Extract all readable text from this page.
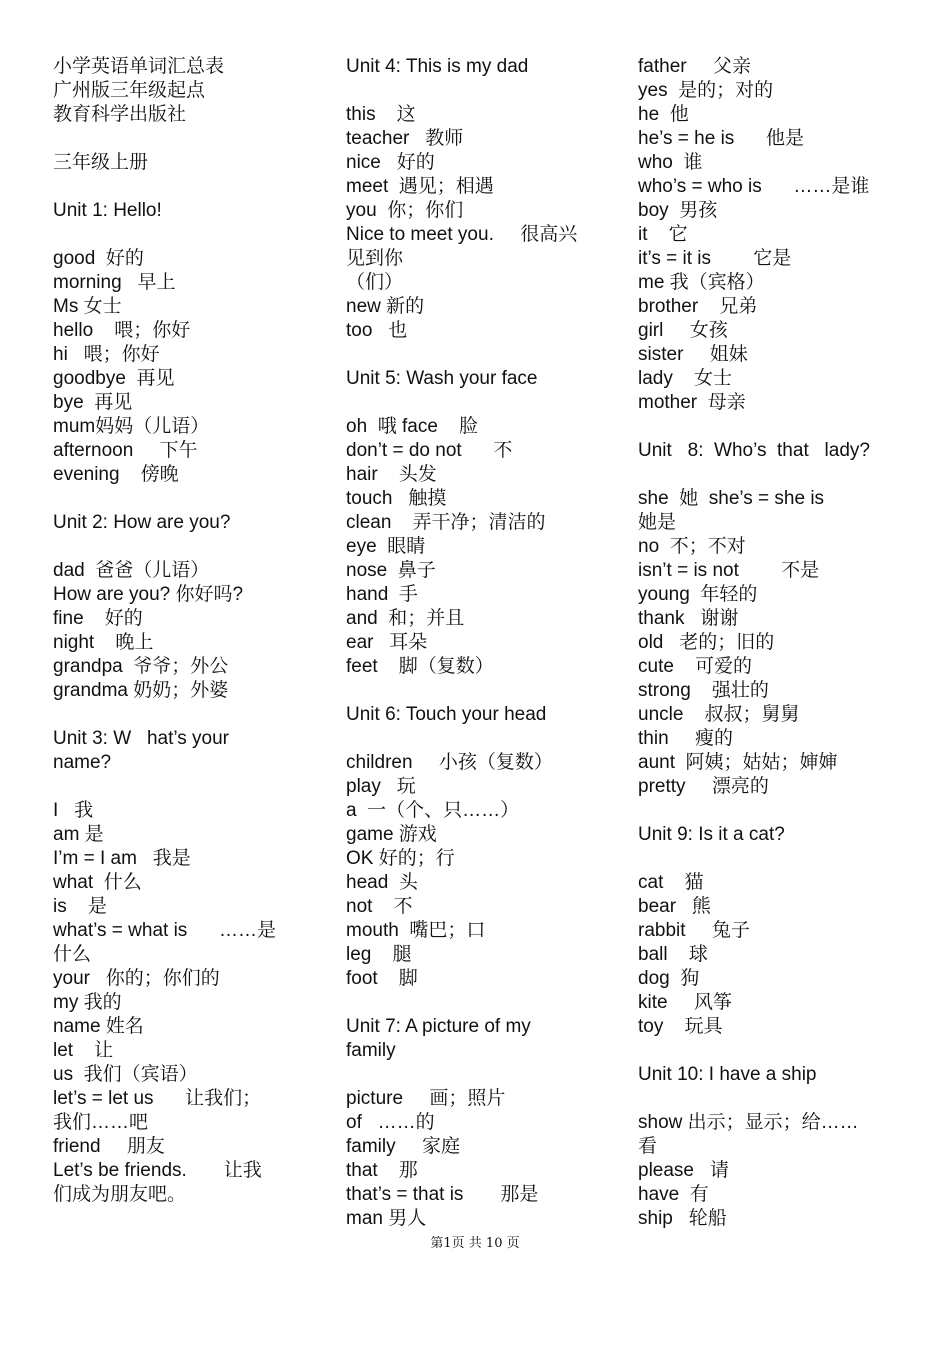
小学英语单词汇总表
广州版三年级起点
教育科学出版社
三年级上册
Unit 1: Hello!
good  好的
morning   早上
Ms 女士
hello    喂；你好
hi   喂；你好
goodbye  再见
bye  再见
mum妈妈（儿语）
afternoon     下午
evening    傍晚
Unit 2: How are you?
dad  爸爸（儿语）
How are you? 你好吗?
fine    好的
night    晚上
grandpa  爷爷；外公
grandma 奶奶；外婆
Unit 3: W   hat’s your
name?
I   我
am 是
I’m = I am   我是
what  什么
is    是
what’s = what is      ……是
什么
your   你的；你们的
my 我的
name 姓名
let    让
us  我们（宾语）
let’s = let us      让我们；
我们……吧
friend     朋友
Let’s be friends.       让我
们成为朋友吧。
Unit 4: This is my dad
this    这
teacher   教师
nice   好的
meet  遇见；相遇
you  你；你们
Nice to meet you.     很高兴
见到你
（们）
new 新的
too   也
Unit 5: Wash your face
oh  哦 face    脸
don’t = do not      不
hair    头发
touch   触摸
clean    弄干净；清洁的
eye  眼睛
nose  鼻子
hand  手
and  和；并且
ear   耳朵
feet    脚（复数）
Unit 6: Touch your head
children     小孩（复数）
play   玩
a  一（个、只……）
game 游戏
OK 好的；行
head  头
not    不
mouth  嘴巴；口
leg    腿
foot    脚
Unit 7: A picture of my
family
picture     画；照片
of   ……的
family     家庭
that    那
that’s = that is       那是
man 男人
father     父亲
yes  是的；对的
he  他
he’s = he is      他是
who  谁
who’s = who is      ……是谁
boy  男孩
it    它
it’s = it is        它是
me 我（宾格）
brother    兄弟
girl     女孩
sister     姐妹
lady    女士
mother  母亲
Unit   8:  Who’s  that   lady?
she  她  she’s = she is
她是
no  不；不对
isn’t = is not        不是
young  年轻的
thank   谢谢
old   老的；旧的
cute    可爱的
strong    强壮的
uncle    叔叔；舅舅
thin     瘦的
aunt  阿姨；姑姑；婶婶
pretty     漂亮的
Unit 9: Is it a cat?
cat    猫
bear   熊
rabbit     兔子
ball    球
dog  狗
kite     风筝
toy    玩具
Unit 10: I have a ship
show 出示；显示；给……
看
please   请
have  有
ship   轮船
第1页 共 10 页
